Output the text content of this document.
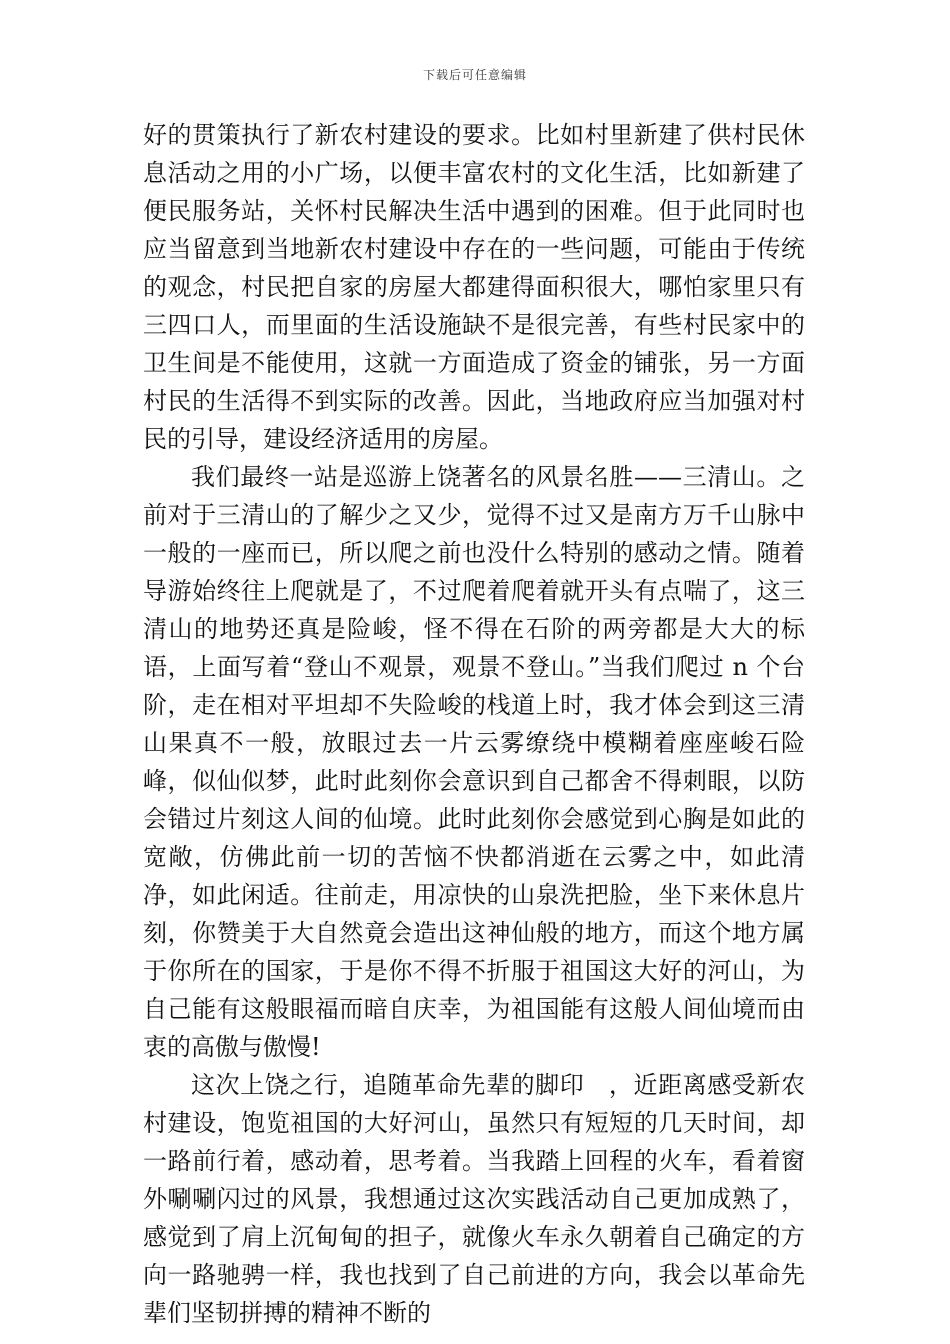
下载后可任意编辑

好的贯策执行了新农村建设的要求。比如村里新建了供村民休息活动之用的小广场，以便丰富农村的文化生活，比如新建了便民服务站，关怀村民解决生活中遇到的困难。但于此同时也应当留意到当地新农村建设中存在的一些问题，可能由于传统的观念，村民把自家的房屋大都建得面积很大，哪怕家里只有三四口人，而里面的生活设施缺不是很完善，有些村民家中的卫生间是不能使用，这就一方面造成了资金的铺张，另一方面村民的生活得不到实际的改善。因此，当地政府应当加强对村民的引导，建设经济适用的房屋。

我们最终一站是巡游上饶著名的风景名胜——三清山。之前对于三清山的了解少之又少，觉得不过又是南方万千山脉中一般的一座而已，所以爬之前也没什么特别的感动之情。随着导游始终往上爬就是了，不过爬着爬着就开头有点喘了，这三清山的地势还真是险峻，怪不得在石阶的两旁都是大大的标语，上面写着“登山不观景，观景不登山。”当我们爬过 n 个台阶，走在相对平坦却不失险峻的栈道上时，我才体会到这三清山果真不一般，放眼过去一片云雾缭绕中模糊着座座峻石险峰，似仙似梦，此时此刻你会意识到自己都舍不得刺眼，以防会错过片刻这人间的仙境。此时此刻你会感觉到心胸是如此的宽敞，仿佛此前一切的苦恼不快都消逝在云雾之中，如此清净，如此闲适。往前走，用凉快的山泉洗把脸，坐下来休息片刻，你赞美于大自然竟会造出这神仙般的地方，而这个地方属于你所在的国家，于是你不得不折服于祖国这大好的河山，为自己能有这般眼福而暗自庆幸，为祖国能有这般人间仙境而由衷的高傲与傲慢!

这次上饶之行，追随革命先辈的脚印　，近距离感受新农村建设，饱览祖国的大好河山，虽然只有短短的几天时间，却一路前行着，感动着，思考着。当我踏上回程的火车，看着窗外唰唰闪过的风景，我想通过这次实践活动自己更加成熟了，感觉到了肩上沉甸甸的担子，就像火车永久朝着自己确定的方向一路驰骋一样，我也找到了自己前进的方向，我会以革命先辈们坚韧拼搏的精神不断的
